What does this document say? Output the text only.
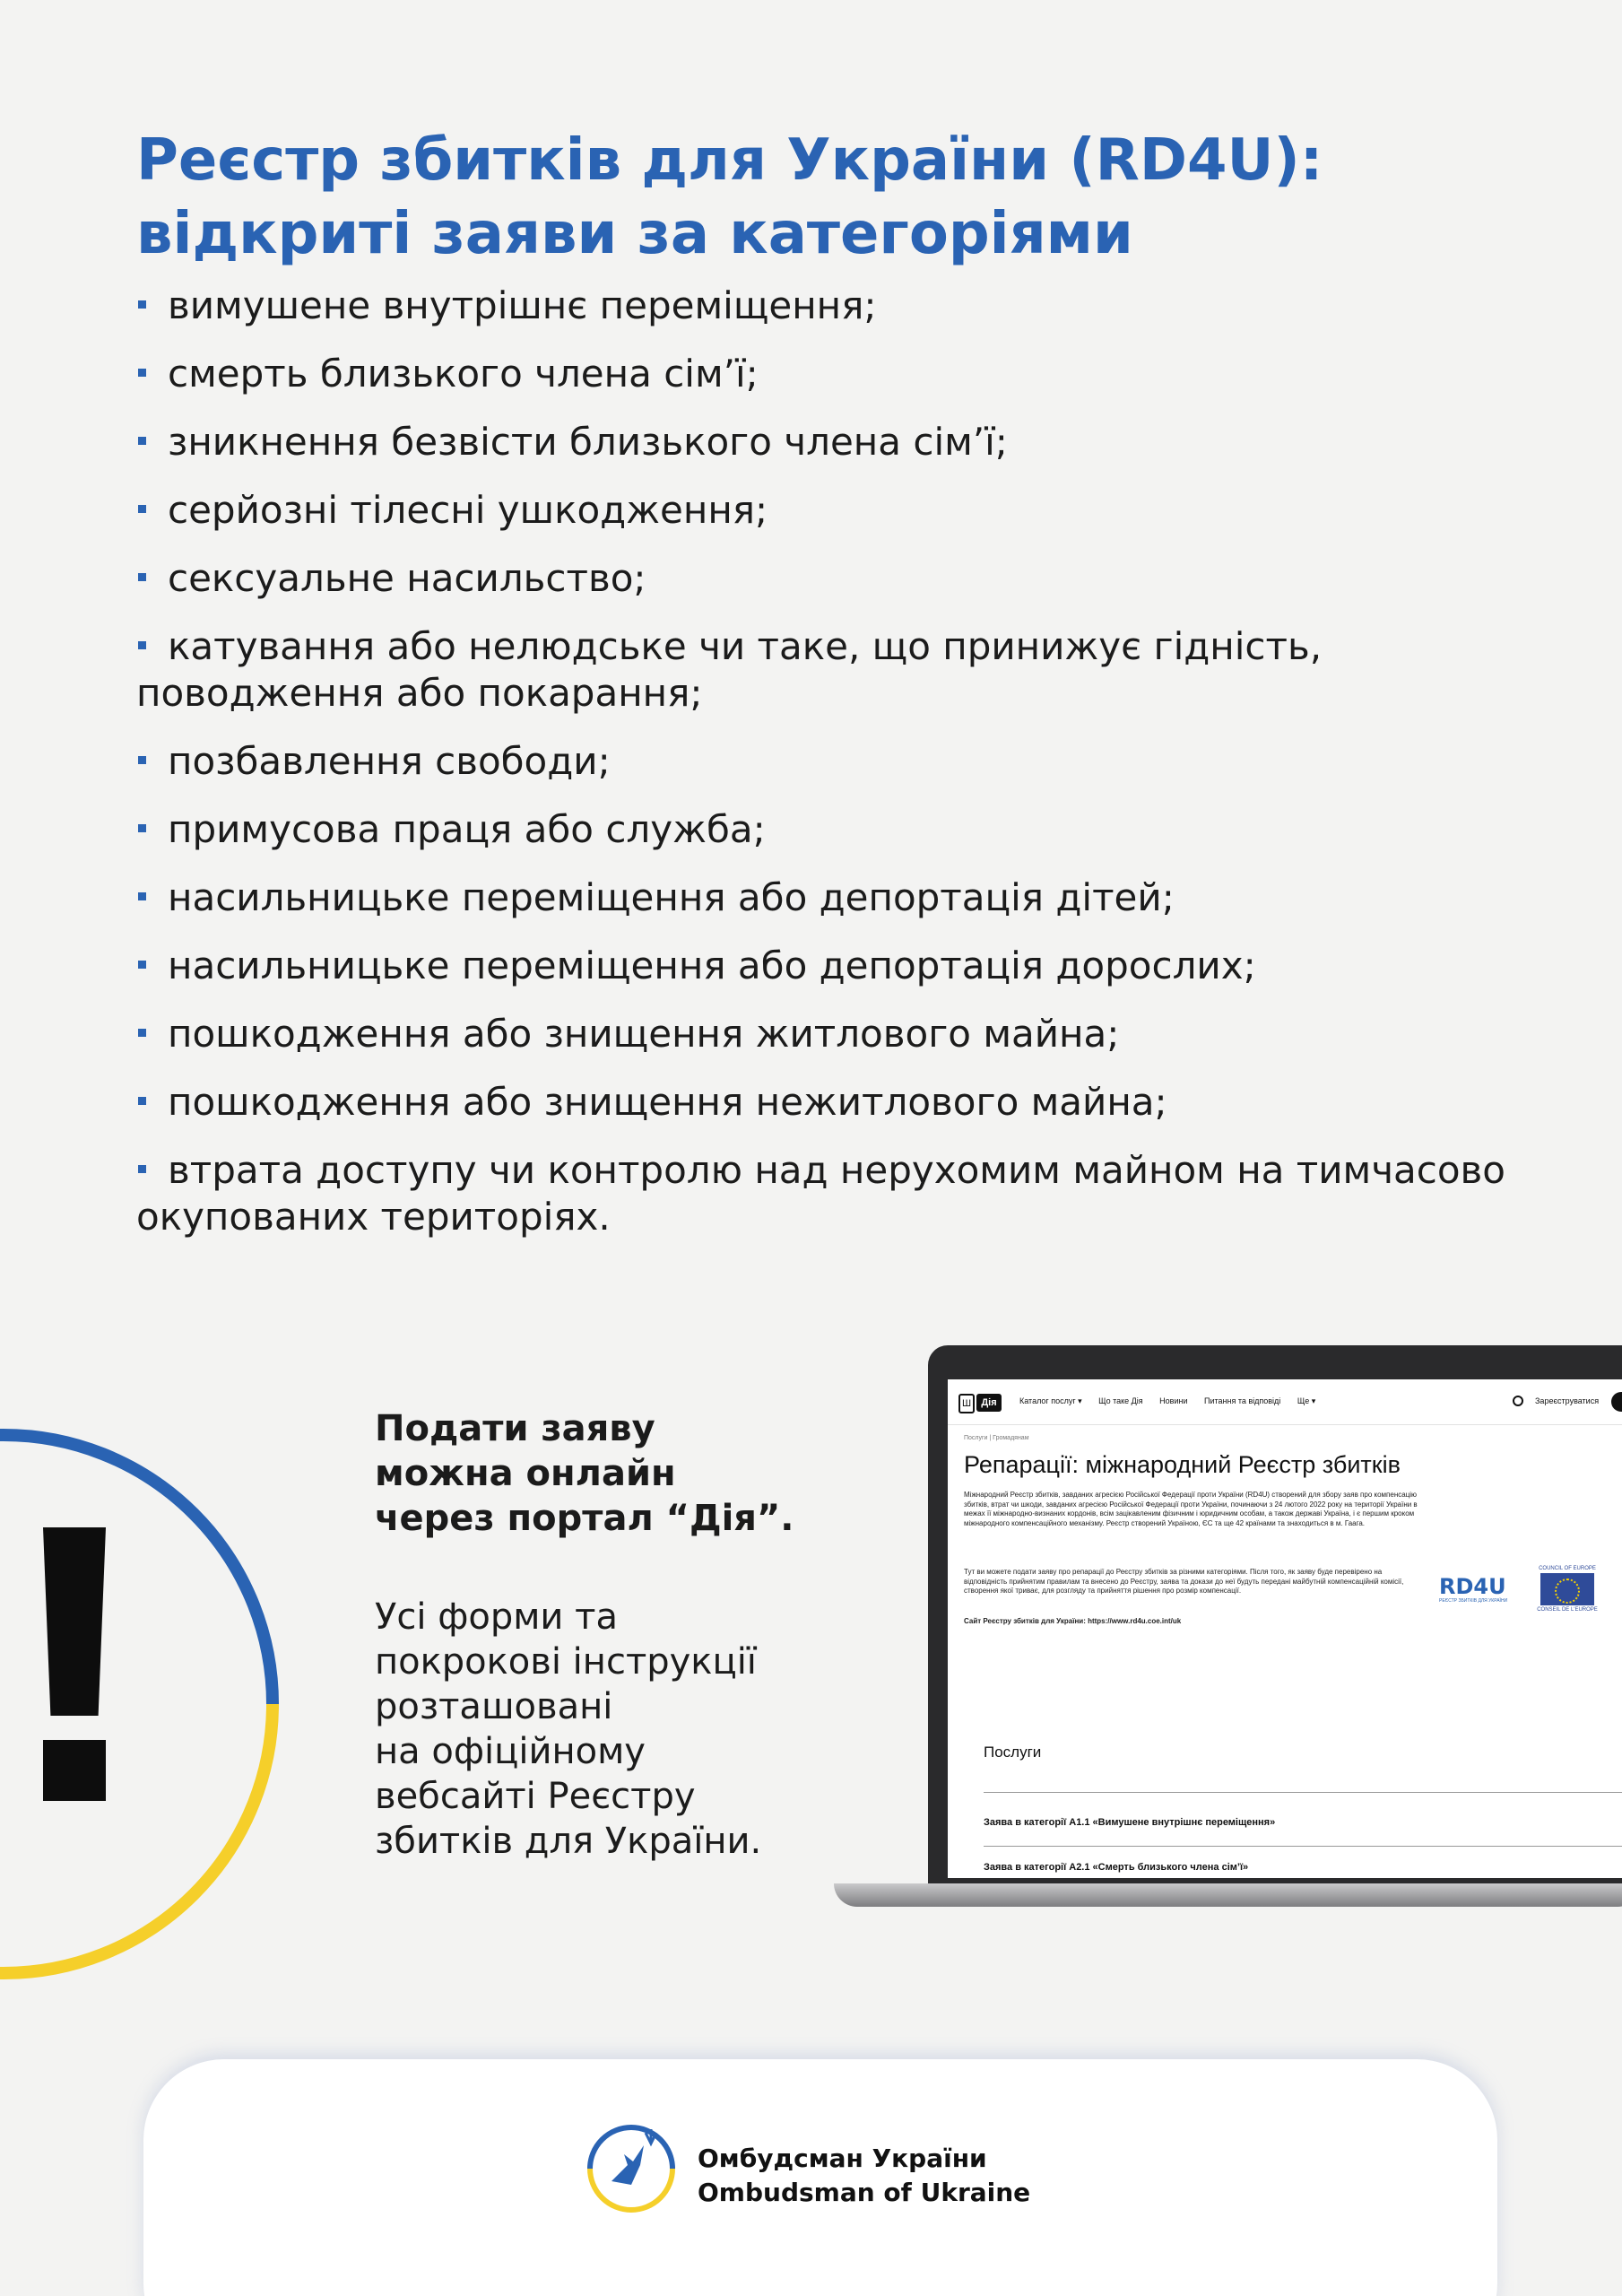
Реєстр збитків для України (RD4U):
відкриті заяви за категоріями
вимушене внутрішнє переміщення;
смерть близького члена сім’ї;
зникнення безвісти близького члена сім’ї;
серйозні тілесні ушкодження;
сексуальне насильство;
катування або нелюдське чи таке, що принижує гідність, поводження або покарання;
позбавлення свободи;
примусова праця або служба;
насильницьке переміщення або депортація дітей;
насильницьке переміщення або депортація дорослих;
пошкодження або знищення житлового майна;
пошкодження або знищення нежитлового майна;
втрата доступу чи контролю над нерухомим майном на тимчасово окупованих територіях.

Подати заяву
можна онлайн
через портал “Дія”.

Усі форми та
покрокові інструкції
розташовані
на офіційному
вебсайті Реєстру
збитків для України.

Ш	Дія	Каталог послуг ▾ Що таке Дія Новини Питання та відповіді Ще ▾	Зареєструватися
Послуги | Громадянам
Репарації: міжнародний Реєстр збитків

Міжнародний Реєстр збитків, завданих агресією Російської Федерації проти України (RD4U) створений для збору заяв про компенсацію збитків, втрат чи шкоди, завданих агресією Російської Федерації проти України, починаючи з 24 лютого 2022 року на території України в межах її міжнародно-визнаних кордонів, всім зацікавленим фізичним і юридичним особам, а також державі Україна, і є першим кроком міжнародного компенсаційного механізму. Реєстр створений Україною, ЄС та ще 42 країнами та знаходиться в м. Гаага.

Тут ви можете подати заяву про репарації до Реєстру збитків за різними категоріями. Після того, як заяву буде перевірено на відповідність прийнятим правилам та внесено до Реєстру, заява та докази до неї будуть передані майбутній компенсаційній комісії, створення якої триває, для розгляду та прийняття рішення про розмір компенсації.

Сайт Реєстру збитків для України: https://www.rd4u.coe.int/uk

RD4U
РЕЄСТР ЗБИТКІВ ДЛЯ УКРАЇНИ
COUNCIL OF EUROPE
CONSEIL DE L'EUROPE
Послуги
Заява в категорії А1.1 «Вимушене внутрішнє переміщення»
Заява в категорії А2.1 «Смерть близького члена сім’ї»
Омбудсман України
Ombudsman of Ukraine
